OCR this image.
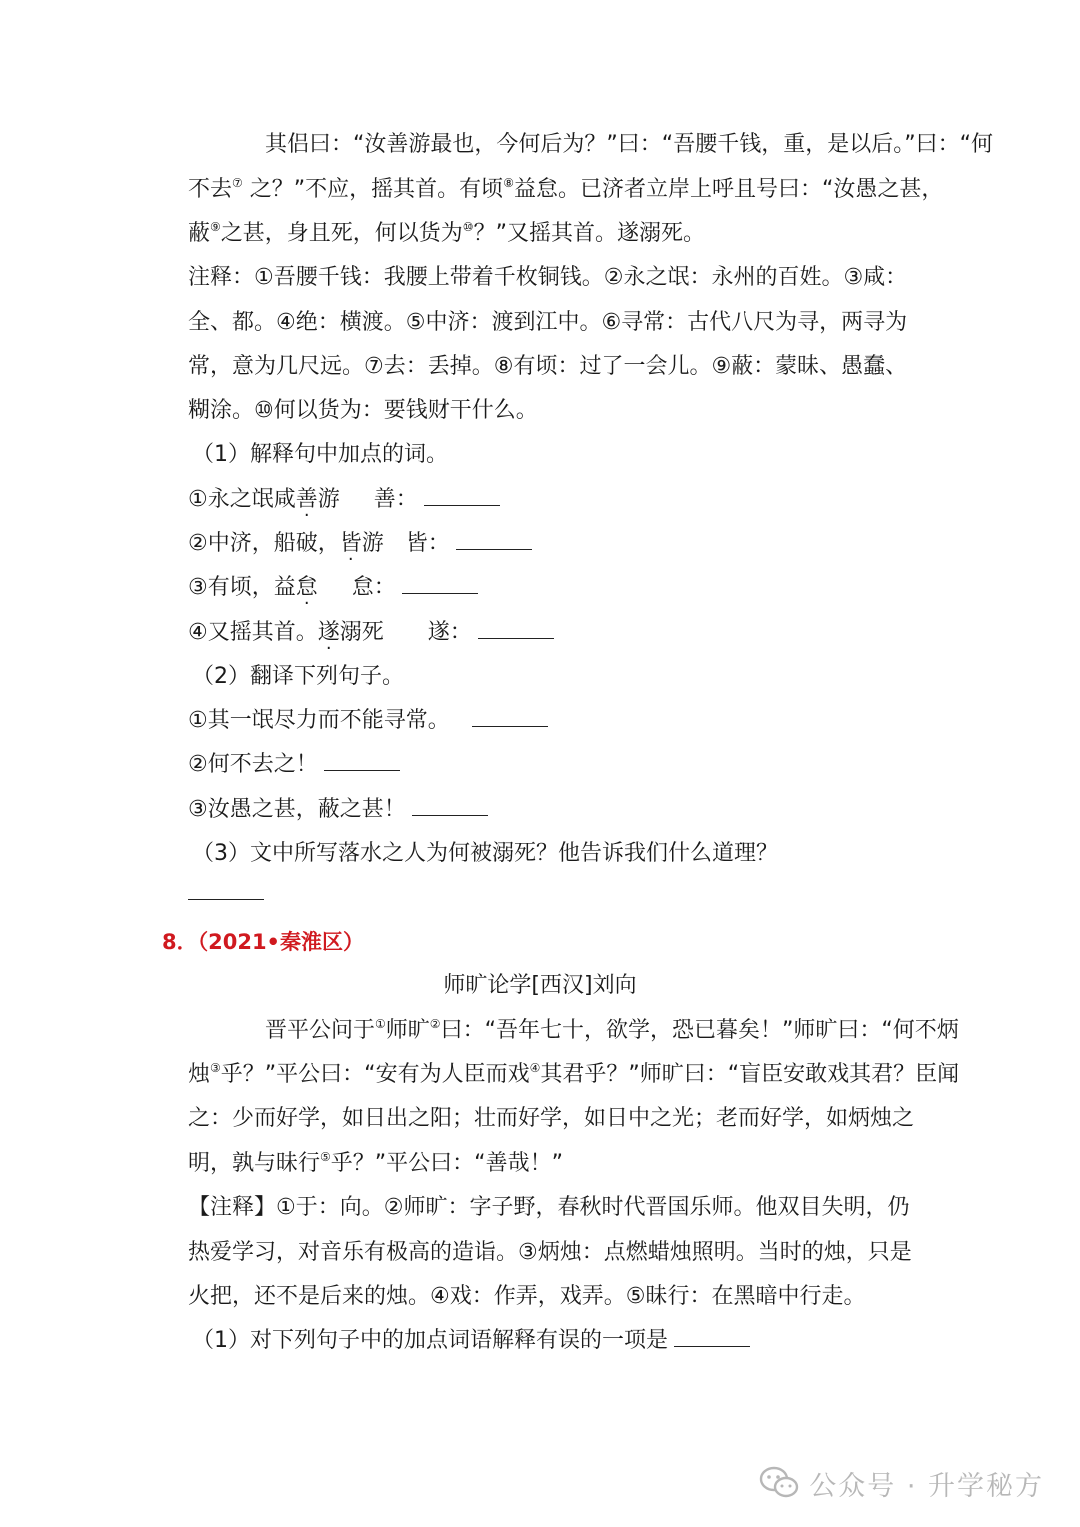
其侣曰：“汝善游最也，今何后为？”曰：“吾腰千钱，重，是以后。”曰：“何
不去⑦ 之？”不应，摇其首。有顷⑧益怠。已济者立岸上呼且号曰：“汝愚之甚，
蔽⑨之甚，身且死，何以货为⑩？”又摇其首。遂溺死。
注释：①吾腰千钱：我腰上带着千枚铜钱。②永之氓：永州的百姓。③咸：
全、都。④绝：横渡。⑤中济：渡到江中。⑥寻常：古代八尺为寻，两寻为
常，意为几尺远。⑦去：丢掉。⑧有顷：过了一会儿。⑨蔽：蒙昧、愚蠢、
糊涂。⑩何以货为：要钱财干什么。
（1）解释句中加点的词。
①永之氓咸善游 善：
②中济，船破，皆游 皆：
③有顷，益怠 怠：
④又摇其首。遂溺死 遂：
（2）翻译下列句子。
①其一氓尽力而不能寻常。
②何不去之！
③汝愚之甚，蔽之甚！
（3）文中所写落水之人为何被溺死？他告诉我们什么道理？
8．（2021•秦淮区）
师旷论学[西汉]刘向
晋平公问于①师旷②曰：“吾年七十，欲学，恐已暮矣！”师旷曰：“何不炳
烛③乎？”平公曰：“安有为人臣而戏④其君乎？”师旷曰：“盲臣安敢戏其君？臣闻
之：少而好学，如日出之阳；壮而好学，如日中之光；老而好学，如炳烛之
明，孰与昧行⑤乎？”平公曰：“善哉！”
【注释】①于：向。②师旷：字子野，春秋时代晋国乐师。他双目失明，仍
热爱学习，对音乐有极高的造诣。③炳烛：点燃蜡烛照明。当时的烛，只是
火把，还不是后来的烛。④戏：作弄，戏弄。⑤昧行：在黑暗中行走。
（1）对下列句子中的加点词语解释有误的一项是
公众号 · 升学秘方
